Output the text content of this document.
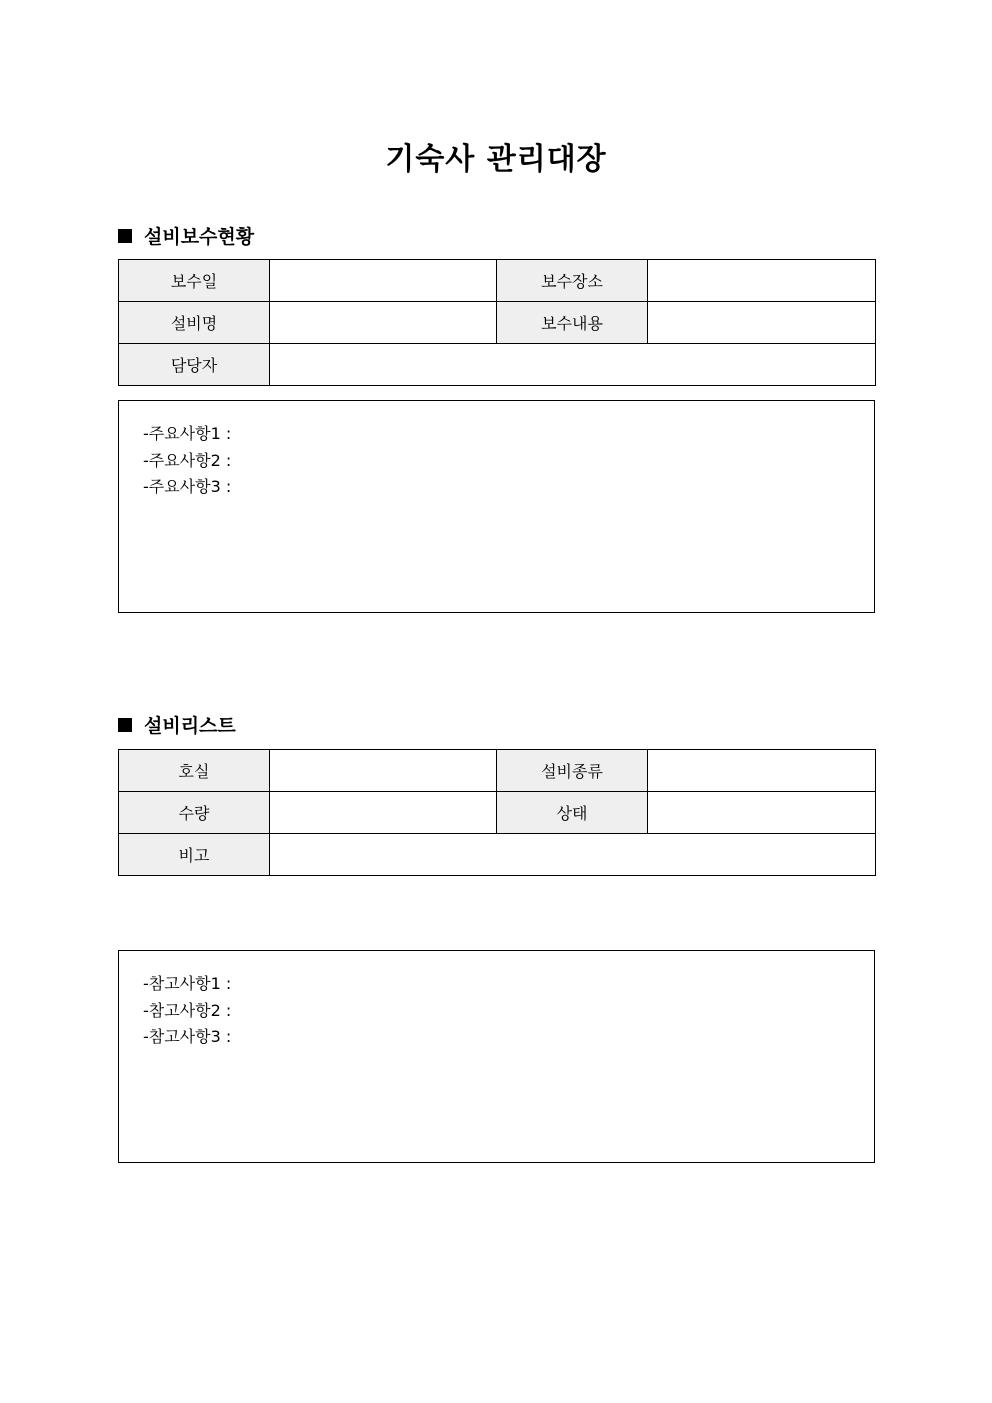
기숙사 관리대장
설비보수현황
보수일		보수장소	
설비명		보수내용	
담당자			
-주요사항1 :
-주요사항2 :
-주요사항3 :
설비리스트
호실		설비종류	
수량		상태	
비고			
-참고사항1 :
-참고사항2 :
-참고사항3 :
